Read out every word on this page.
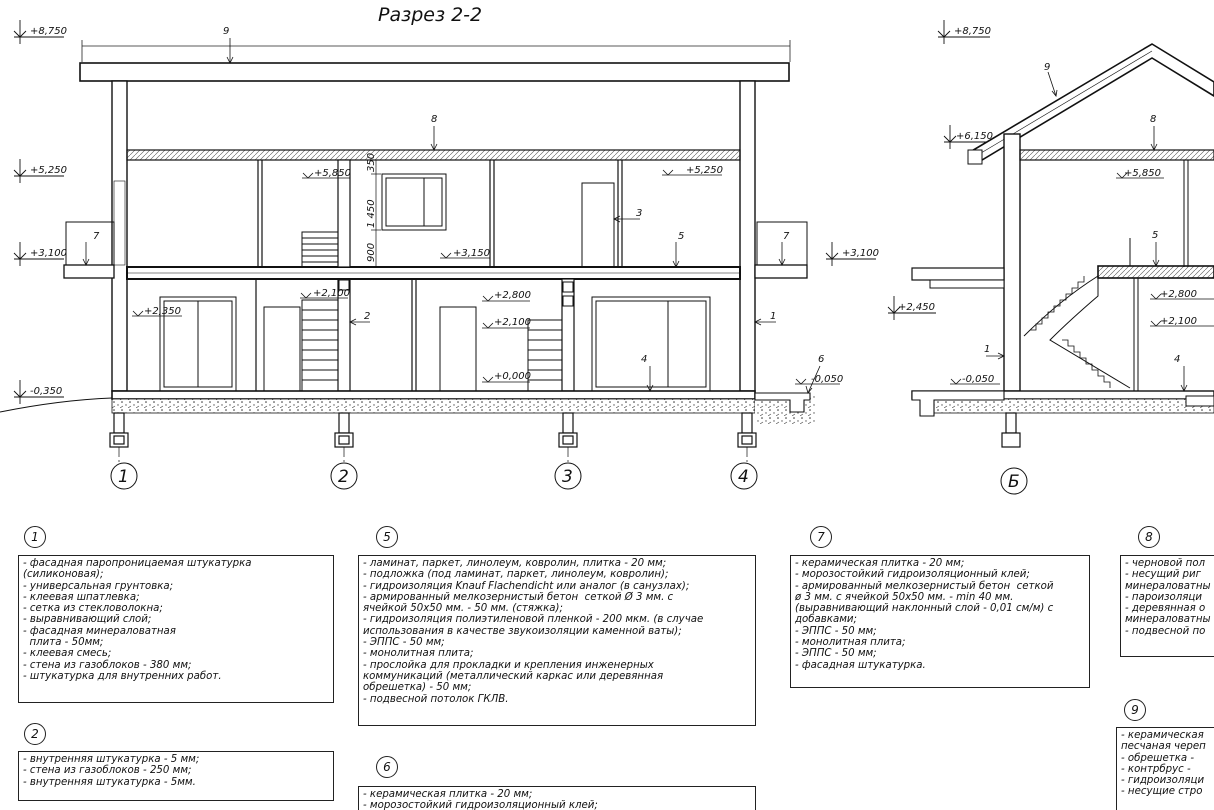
Разрез 2-2
+8,750
+5,250
+3,100
-0,350
+3,100
+5,850	+5,250
+3,150
+2,100
+2,350
+2,800
+2,100
+0,000	-0,050
1 450
350
900
9
8
7	7
5
3
2	1
4	6
1	2	3	4	Б
+8,750
+6,150
+2,450
+5,850
+2,800
+2,100
-0,050
9
8
5
1
4
1
- фасадная паропроницаемая штукатурка
(силиконовая);
- универсальная грунтовка;
- клеевая шпатлевка;
- сетка из стекловолокна;
- выравнивающий слой;
- фасадная минераловатная
плита - 50мм;
- клеевая смесь;
- стена из газоблоков - 380 мм;
- штукатурка для внутренних работ.
2
- внутренняя штукатурка - 5 мм;
- стена из газоблоков - 250 мм;
- внутренняя штукатурка - 5мм.
5
- ламинат, паркет, линолеум, ковролин, плитка - 20 мм;
- подложка (под ламинат, паркет, линолеум, ковролин);
- гидроизоляция Knauf Flachendicht или аналог (в санузлах);
- армированный мелкозернистый бетон  сеткой Ø 3 мм. с
ячейкой 50х50 мм. - 50 мм. (стяжка);
- гидроизоляция полиэтиленовой пленкой - 200 мкм. (в случае
использования в качестве звукоизоляции каменной ваты);
- ЭППС - 50 мм;
- монолитная плита;
- прослойка для прокладки и крепления инженерных
коммуникаций (металлический каркас или деревянная
обрешетка) - 50 мм;
- подвесной потолок ГКЛВ.
6
- керамическая плитка - 20 мм;
- морозостойкий гидроизоляционный клей;
7
- керамическая плитка - 20 мм;
- морозостойкий гидроизоляционный клей;
- армированный мелкозернистый бетон  сеткой
ø 3 мм. с ячейкой 50х50 мм. - min 40 мм.
(выравнивающий наклонный слой - 0,01 см/м) с
добавками;
- ЭППС - 50 мм;
- монолитная плита;
- ЭППС - 50 мм;
- фасадная штукатурка.
8
- черновой пол
- несущий риг
минераловатны
- пароизоляци
- деревянная о
минераловатны
- подвесной по
9
- керамическая
песчаная череп
- обрешетка -
- контрбрус -
- гидроизоляци
- несущие стро
